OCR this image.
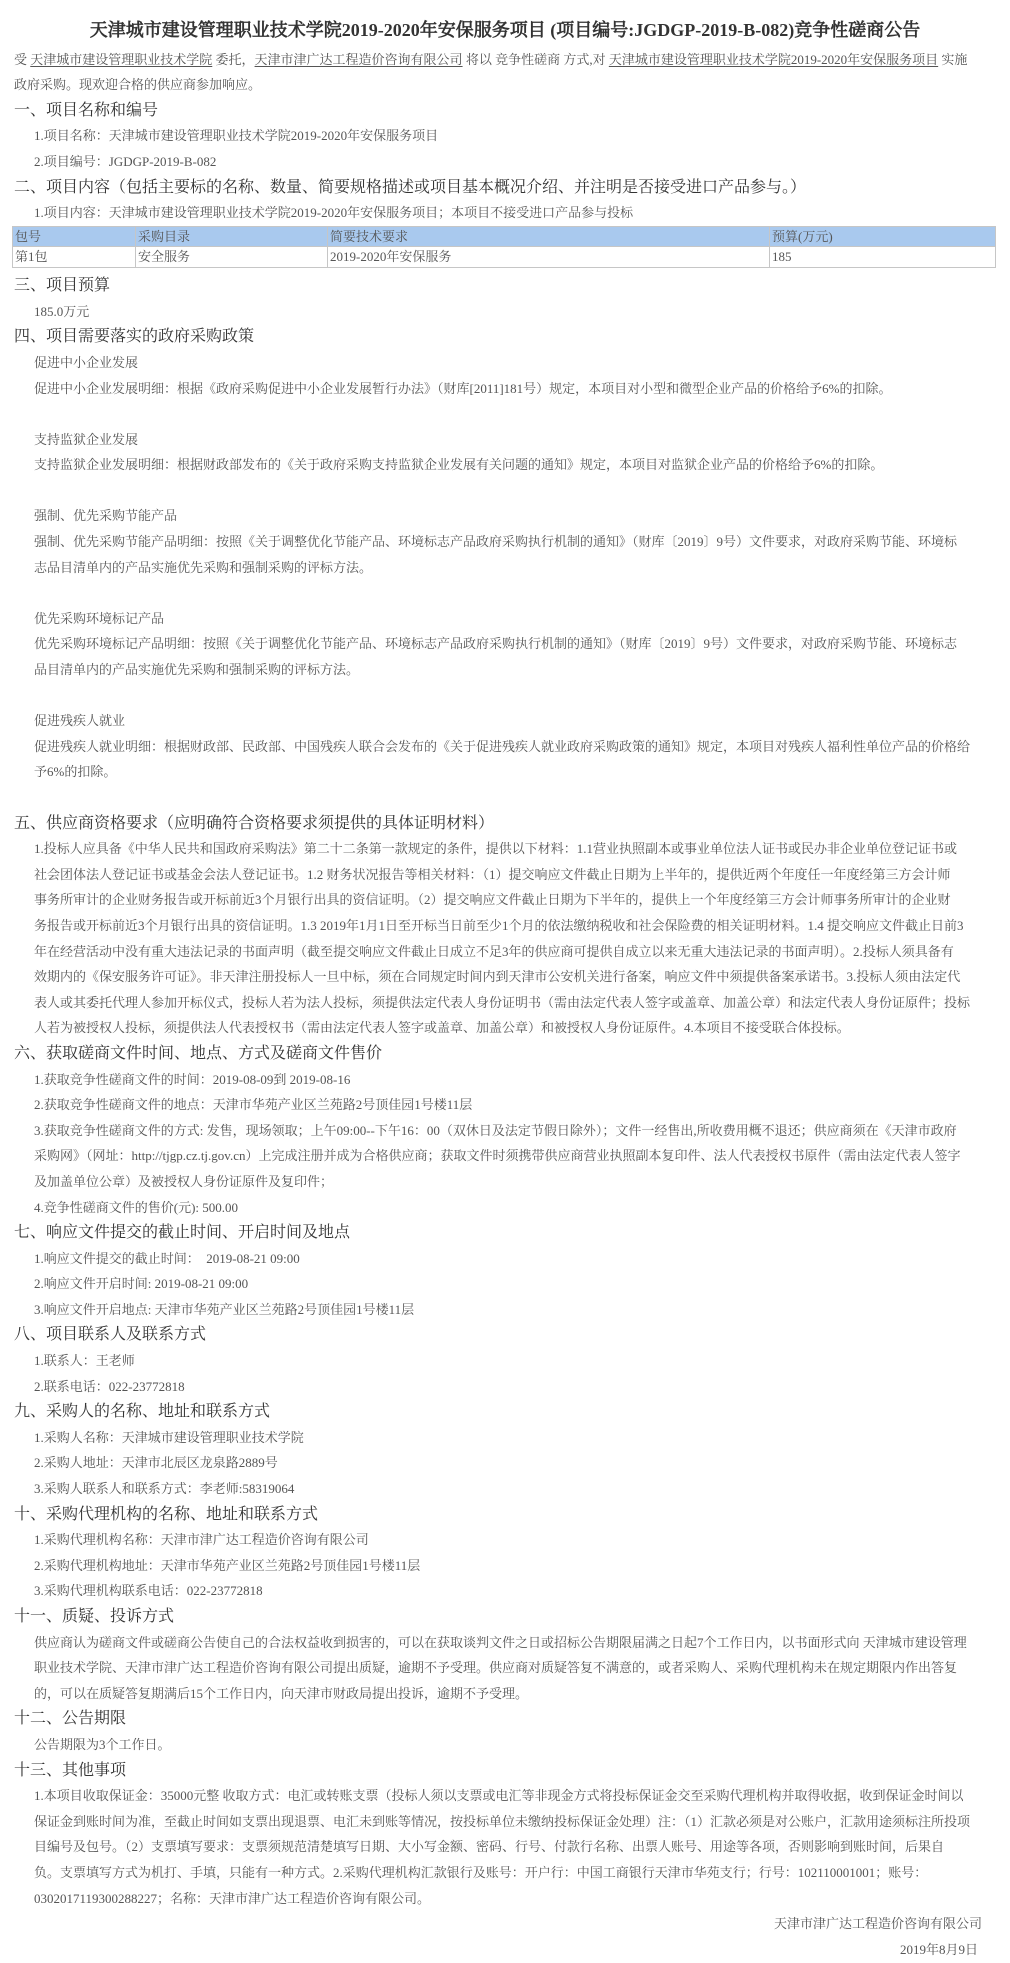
天津城市建设管理职业技术学院2019-2020年安保服务项目 (项目编号:JGDGP-2019-B-082)竞争性磋商公告
受 天津城市建设管理职业技术学院 委托，天津市津广达工程造价咨询有限公司 将以 竞争性磋商 方式,对 天津城市建设管理职业技术学院2019-2020年安保服务项目 实施
政府采购。现欢迎合格的供应商参加响应。
一、项目名称和编号
1.项目名称：天津城市建设管理职业技术学院2019-2020年安保服务项目
2.项目编号：JGDGP-2019-B-082
二、项目内容（包括主要标的名称、数量、简要规格描述或项目基本概况介绍、并注明是否接受进口产品参与。）
1.项目内容：天津城市建设管理职业技术学院2019-2020年安保服务项目；本项目不接受进口产品参与投标
包号	采购目录	简要技术要求	预算(万元)
第1包	安全服务	2019-2020年安保服务	185
三、项目预算
185.0万元
四、项目需要落实的政府采购政策
促进中小企业发展
促进中小企业发展明细：根据《政府采购促进中小企业发展暂行办法》（财库[2011]181号）规定，本项目对小型和微型企业产品的价格给予6%的扣除。
支持监狱企业发展
支持监狱企业发展明细：根据财政部发布的《关于政府采购支持监狱企业发展有关问题的通知》规定，本项目对监狱企业产品的价格给予6%的扣除。
强制、优先采购节能产品
强制、优先采购节能产品明细：按照《关于调整优化节能产品、环境标志产品政府采购执行机制的通知》（财库〔2019〕9号）文件要求，对政府采购节能、环境标
志品目清单内的产品实施优先采购和强制采购的评标方法。
优先采购环境标记产品
优先采购环境标记产品明细：按照《关于调整优化节能产品、环境标志产品政府采购执行机制的通知》（财库〔2019〕9号）文件要求，对政府采购节能、环境标志
品目清单内的产品实施优先采购和强制采购的评标方法。
促进残疾人就业
促进残疾人就业明细：根据财政部、民政部、中国残疾人联合会发布的《关于促进残疾人就业政府采购政策的通知》规定，本项目对残疾人福利性单位产品的价格给
予6%的扣除。
五、供应商资格要求（应明确符合资格要求须提供的具体证明材料）
1.投标人应具备《中华人民共和国政府采购法》第二十二条第一款规定的条件，提供以下材料：1.1营业执照副本或事业单位法人证书或民办非企业单位登记证书或
社会团体法人登记证书或基金会法人登记证书。1.2 财务状况报告等相关材料：（1）提交响应文件截止日期为上半年的，提供近两个年度任一年度经第三方会计师
事务所审计的企业财务报告或开标前近3个月银行出具的资信证明。（2）提交响应文件截止日期为下半年的，提供上一个年度经第三方会计师事务所审计的企业财
务报告或开标前近3个月银行出具的资信证明。1.3 2019年1月1日至开标当日前至少1个月的依法缴纳税收和社会保险费的相关证明材料。1.4 提交响应文件截止日前3
年在经营活动中没有重大违法记录的书面声明（截至提交响应文件截止日成立不足3年的供应商可提供自成立以来无重大违法记录的书面声明）。2.投标人须具备有
效期内的《保安服务许可证》。非天津注册投标人一旦中标，须在合同规定时间内到天津市公安机关进行备案，响应文件中须提供备案承诺书。3.投标人须由法定代
表人或其委托代理人参加开标仪式，投标人若为法人投标，须提供法定代表人身份证明书（需由法定代表人签字或盖章、加盖公章）和法定代表人身份证原件；投标
人若为被授权人投标，须提供法人代表授权书（需由法定代表人签字或盖章、加盖公章）和被授权人身份证原件。4.本项目不接受联合体投标。
六、获取磋商文件时间、地点、方式及磋商文件售价
1.获取竞争性磋商文件的时间：2019-08-09到 2019-08-16
2.获取竞争性磋商文件的地点：天津市华苑产业区兰苑路2号顶佳园1号楼11层
3.获取竞争性磋商文件的方式: 发售，现场领取；上午09:00--下午16：00（双休日及法定节假日除外）；文件一经售出,所收费用概不退还；供应商须在《天津市政府
采购网》（网址：http://tjgp.cz.tj.gov.cn）上完成注册并成为合格供应商；获取文件时须携带供应商营业执照副本复印件、法人代表授权书原件（需由法定代表人签字
及加盖单位公章）及被授权人身份证原件及复印件；
4.竞争性磋商文件的售价(元): 500.00
七、响应文件提交的截止时间、开启时间及地点
1.响应文件提交的截止时间：  2019-08-21 09:00
2.响应文件开启时间: 2019-08-21 09:00
3.响应文件开启地点: 天津市华苑产业区兰苑路2号顶佳园1号楼11层
八、项目联系人及联系方式
1.联系人：王老师
2.联系电话：022-23772818
九、采购人的名称、地址和联系方式
1.采购人名称：天津城市建设管理职业技术学院
2.采购人地址：天津市北辰区龙泉路2889号
3.采购人联系人和联系方式：李老师:58319064
十、采购代理机构的名称、地址和联系方式
1.采购代理机构名称：天津市津广达工程造价咨询有限公司
2.采购代理机构地址：天津市华苑产业区兰苑路2号顶佳园1号楼11层
3.采购代理机构联系电话：022-23772818
十一、质疑、投诉方式
供应商认为磋商文件或磋商公告使自己的合法权益收到损害的，可以在获取谈判文件之日或招标公告期限届满之日起7个工作日内，以书面形式向 天津城市建设管理
职业技术学院、天津市津广达工程造价咨询有限公司提出质疑，逾期不予受理。供应商对质疑答复不满意的，或者采购人、采购代理机构未在规定期限内作出答复
的，可以在质疑答复期满后15个工作日内，向天津市财政局提出投诉，逾期不予受理。
十二、公告期限
公告期限为3个工作日。
十三、其他事项
1.本项目收取保证金：35000元整 收取方式：电汇或转账支票（投标人须以支票或电汇等非现金方式将投标保证金交至采购代理机构并取得收据，收到保证金时间以
保证金到账时间为准，至截止时间如支票出现退票、电汇未到账等情况，按投标单位未缴纳投标保证金处理）注：（1）汇款必须是对公账户，汇款用途须标注所投项
目编号及包号。（2）支票填写要求：支票须规范清楚填写日期、大小写金额、密码、行号、付款行名称、出票人账号、用途等各项，否则影响到账时间，后果自
负。支票填写方式为机打、手填，只能有一种方式。2.采购代理机构汇款银行及账号：开户行：中国工商银行天津市华苑支行；行号：102110001001；账号：
0302017119300288227；名称：天津市津广达工程造价咨询有限公司。
天津市津广达工程造价咨询有限公司
2019年8月9日
